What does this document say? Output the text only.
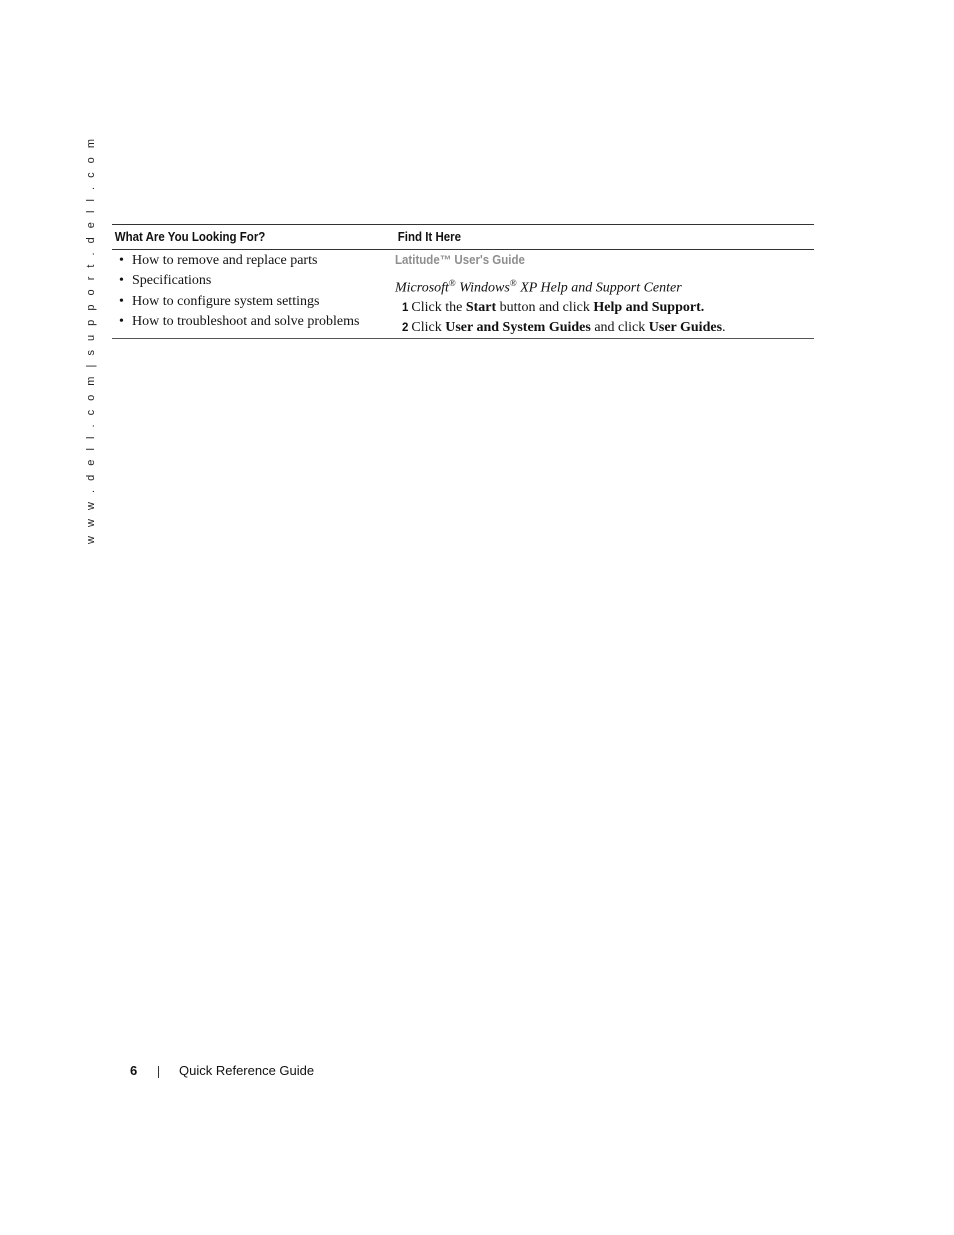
w w w . d e l l . c o m | s u p p o r t . d e l l . c o m What Are You Looking For?	Find It Here
• How to remove and replace parts
• Specifications
• How to configure system settings
• How to troubleshoot and solve problems
Latitude™ User's Guide
Microsoft® Windows® XP Help and Support Center
1 Click the Start button and click Help and Support.
2 Click User and System Guides and click User Guides.
6	Quick Reference Guide
